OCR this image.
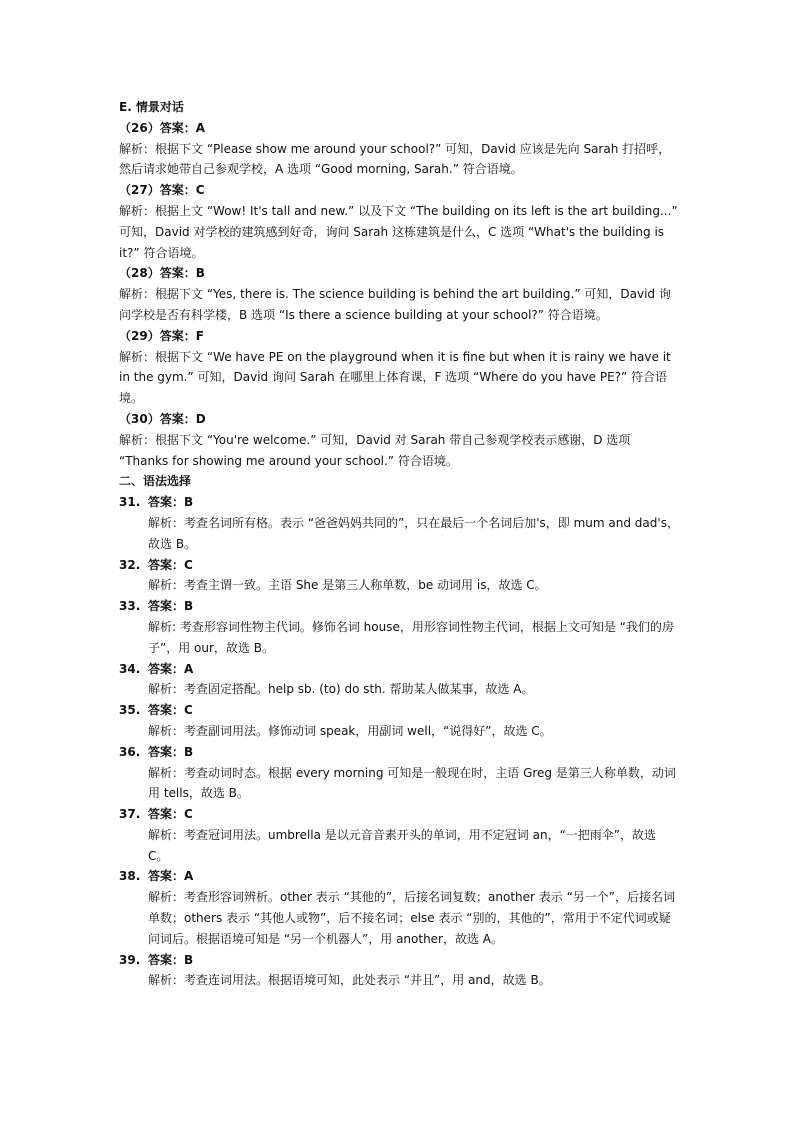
E. 情景对话
（26）答案：A
解析：根据下文 “Please show me around your school?” 可知，David 应该是先向 Sarah 打招呼，然后请求她带自己参观学校，A 选项 “Good morning, Sarah.” 符合语境。
（27）答案：C
解析：根据上文 “Wow! It's tall and new.” 以及下文 “The building on its left is the art building...” 可知，David 对学校的建筑感到好奇，询问 Sarah 这栋建筑是什么，C 选项 “What's the building is it?” 符合语境。
（28）答案：B
解析：根据下文 “Yes, there is. The science building is behind the art building.” 可知，David 询问学校是否有科学楼，B 选项 “Is there a science building at your school?” 符合语境。
（29）答案：F
解析：根据下文 “We have PE on the playground when it is fine but when it is rainy we have it in the gym.” 可知，David 询问 Sarah 在哪里上体育课，F 选项 “Where do you have PE?” 符合语境。
（30）答案：D
解析：根据下文 “You're welcome.” 可知，David 对 Sarah 带自己参观学校表示感谢，D 选项 “Thanks for showing me around your school.” 符合语境。
二、语法选择
31. 答案：B
解析：考查名词所有格。表示 “爸爸妈妈共同的”，只在最后一个名词后加's，即 mum and dad's，故选 B。
32. 答案：C
解析：考查主谓一致。主语 She 是第三人称单数，be 动词用 is，故选 C。
33. 答案：B
解析: 考查形容词性物主代词。修饰名词 house，用形容词性物主代词，根据上文可知是 “我们的房子”，用 our，故选 B。
34. 答案：A
解析：考查固定搭配。help sb. (to) do sth. 帮助某人做某事，故选 A。
35. 答案：C
解析：考查副词用法。修饰动词 speak，用副词 well，“说得好”，故选 C。
36. 答案：B
解析：考查动词时态。根据 every morning 可知是一般现在时，主语 Greg 是第三人称单数，动词用 tells，故选 B。
37. 答案：C
解析：考查冠词用法。umbrella 是以元音音素开头的单词，用不定冠词 an，“一把雨伞”，故选 C。
38. 答案：A
解析：考查形容词辨析。other 表示 “其他的”，后接名词复数；another 表示 “另一个”，后接名词单数；others 表示 “其他人或物”，后不接名词；else 表示 “别的，其他的”，常用于不定代词或疑问词后。根据语境可知是 “另一个机器人”，用 another，故选 A。
39. 答案：B
解析：考查连词用法。根据语境可知，此处表示 “并且”，用 and，故选 B。
